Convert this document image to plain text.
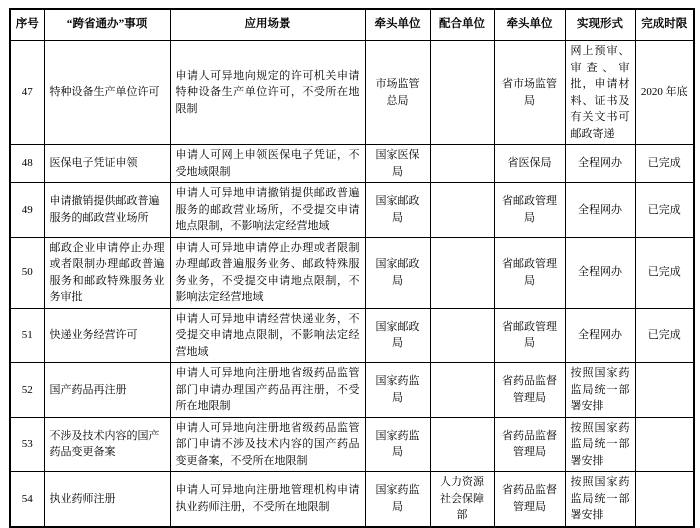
序号	“跨省通办”事项	应用场景	牵头单位	配合单位	牵头单位	实现形式	完成时限
47	特种设备生产单位许可	申请人可异地向规定的许可机关申请特种设备生产单位许可，不受所在地限制	市场监管总局		省市场监管局	网上预审、审查、审批，申请材料、证书及有关文书可邮政寄递	2020 年底
48	医保电子凭证申领	申请人可网上申领医保电子凭证，不受地域限制	国家医保局		省医保局	全程网办	已完成
49	申请撤销提供邮政普遍服务的邮政营业场所	申请人可异地申请撤销提供邮政普遍服务的邮政营业场所，不受提交申请地点限制，不影响法定经营地域	国家邮政局		省邮政管理局	全程网办	已完成
50	邮政企业申请停止办理或者限制办理邮政普遍服务和邮政特殊服务业务审批	申请人可异地申请停止办理或者限制办理邮政普遍服务业务、邮政特殊服务业务，不受提交申请地点限制，不影响法定经营地域	国家邮政局		省邮政管理局	全程网办	已完成
51	快递业务经营许可	申请人可异地申请经营快递业务，不受提交申请地点限制，不影响法定经营地域	国家邮政局		省邮政管理局	全程网办	已完成
52	国产药品再注册	申请人可异地向注册地省级药品监管部门申请办理国产药品再注册，不受所在地限制	国家药监局		省药品监督管理局	按照国家药监局统一部署安排	
53	不涉及技术内容的国产药品变更备案	申请人可异地向注册地省级药品监管部门申请不涉及技术内容的国产药品变更备案，不受所在地限制	国家药监局		省药品监督管理局	按照国家药监局统一部署安排	
54	执业药师注册	申请人可异地向注册地管理机构申请执业药师注册，不受所在地限制	国家药监局	人力资源社会保障部	省药品监督管理局	按照国家药监局统一部署安排	
